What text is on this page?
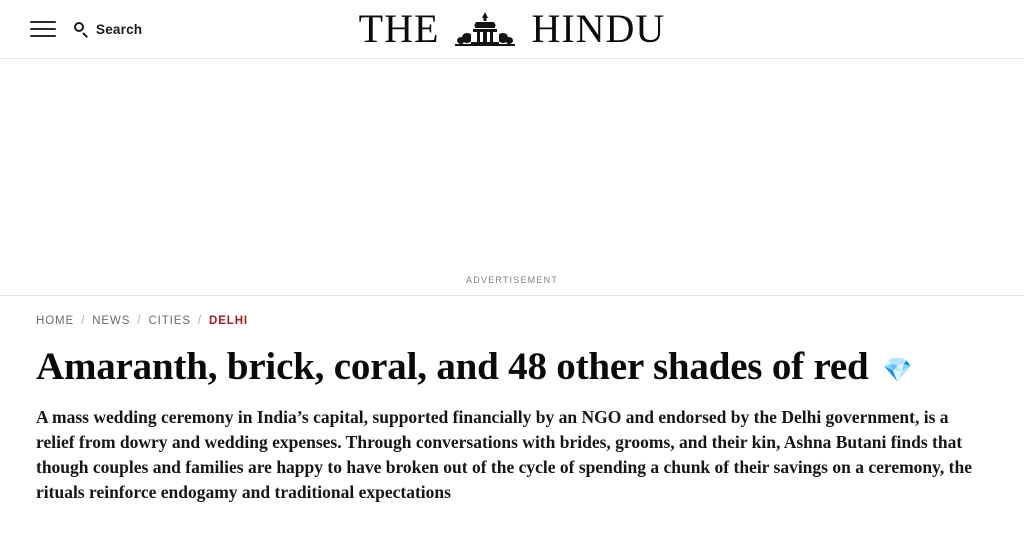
Search	THE HINDU
ADVERTISEMENT
HOME / NEWS / CITIES / DELHI
Amaranth, brick, coral, and 48 other shades of red 💎

A mass wedding ceremony in India’s capital, supported financially by an NGO and endorsed by the Delhi government, is a relief from dowry and wedding expenses. Through conversations with brides, grooms, and their kin, Ashna Butani finds that though couples and families are happy to have broken out of the cycle of spending a chunk of their savings on a ceremony, the rituals reinforce endogamy and traditional expectations
